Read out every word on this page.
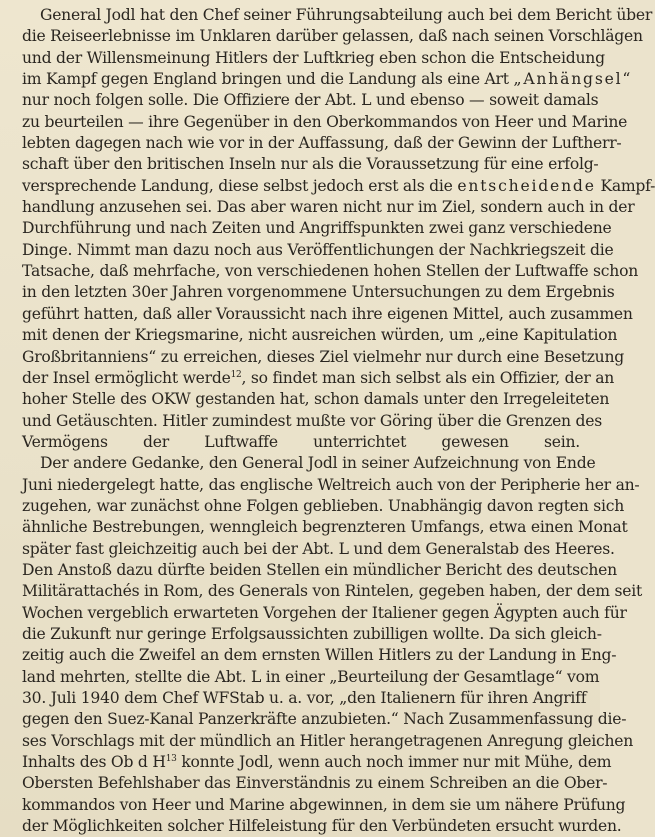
General Jodl hat den Chef seiner Führungsabteilung auch bei dem Bericht über
die Reiseerlebnisse im Unklaren darüber gelassen, daß nach seinen Vorschlägen
und der Willensmeinung Hitlers der Luftkrieg eben schon die Entscheidung
im Kampf gegen England bringen und die Landung als eine Art „Anhängsel“
nur noch folgen solle. Die Offiziere der Abt. L und ebenso — soweit damals
zu beurteilen — ihre Gegenüber in den Oberkommandos von Heer und Marine
lebten dagegen nach wie vor in der Auffassung, daß der Gewinn der Luftherr-
schaft über den britischen Inseln nur als die Voraussetzung für eine erfolg-
versprechende Landung, diese selbst jedoch erst als die entscheidende Kampf-
handlung anzusehen sei. Das aber waren nicht nur im Ziel, sondern auch in der
Durchführung und nach Zeiten und Angriffspunkten zwei ganz verschiedene
Dinge. Nimmt man dazu noch aus Veröffentlichungen der Nachkriegszeit die
Tatsache, daß mehrfache, von verschiedenen hohen Stellen der Luftwaffe schon
in den letzten 30er Jahren vorgenommene Untersuchungen zu dem Ergebnis
geführt hatten, daß aller Voraussicht nach ihre eigenen Mittel, auch zusammen
mit denen der Kriegsmarine, nicht ausreichen würden, um „eine Kapitulation
Großbritanniens“ zu erreichen, dieses Ziel vielmehr nur durch eine Besetzung
der Insel ermöglicht werde$^{12}$, so findet man sich selbst als ein Offizier, der an
hoher Stelle des OKW gestanden hat, schon damals unter den Irregeleiteten
und Getäuschten. Hitler zumindest mußte vor Göring über die Grenzen des
Vermögens der Luftwaffe unterrichtet gewesen sein.
Der andere Gedanke, den General Jodl in seiner Aufzeichnung von Ende
Juni niedergelegt hatte, das englische Weltreich auch von der Peripherie her an-
zugehen, war zunächst ohne Folgen geblieben. Unabhängig davon regten sich
ähnliche Bestrebungen, wenngleich begrenzteren Umfangs, etwa einen Monat
später fast gleichzeitig auch bei der Abt. L und dem Generalstab des Heeres.
Den Anstoß dazu dürfte beiden Stellen ein mündlicher Bericht des deutschen
Militärattachés in Rom, des Generals von Rintelen, gegeben haben, der dem seit
Wochen vergeblich erwarteten Vorgehen der Italiener gegen Ägypten auch für
die Zukunft nur geringe Erfolgsaussichten zubilligen wollte. Da sich gleich-
zeitig auch die Zweifel an dem ernsten Willen Hitlers zu der Landung in Eng-
land mehrten, stellte die Abt. L in einer „Beurteilung der Gesamtlage“ vom
30. Juli 1940 dem Chef WFStab u. a. vor, „den Italienern für ihren Angriff
gegen den Suez-Kanal Panzerkräfte anzubieten.“ Nach Zusammenfassung die-
ses Vorschlags mit der mündlich an Hitler herangetragenen Anregung gleichen
Inhalts des Ob d $H^{13}$ konnte Jodl, wenn auch noch immer nur mit Mühe, dem
Obersten Befehlshaber das Einverständnis zu einem Schreiben an die Ober-
kommandos von Heer und Marine abgewinnen, in dem sie um nähere Prüfung
der Möglichkeiten solcher Hilfeleistung für den Verbündeten ersucht wurden.
